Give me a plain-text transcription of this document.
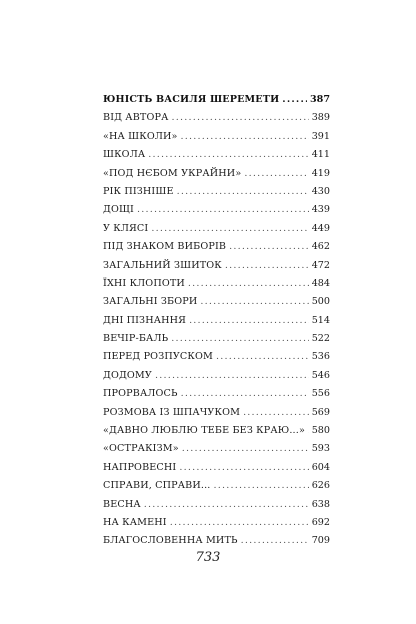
ЮНІСТЬ ВАСИЛЯ ШЕРЕМЕТИ .....	387
ВІД АВТОРА .....	389
«НА ШКОЛИ» .....	391
ШКОЛА .....	411
«ПОД НЄБОМ УКРАЙНИ» .....	419
РІК ПІЗНІШЕ .....	430
ДОЩІ .....	439
У КЛЯСІ .....	449
ПІД ЗНАКОМ ВИБОРІВ .....	462
ЗАГАЛЬНИЙ ЗШИТОК .....	472
ЇХНІ КЛОПОТИ .....	484
ЗАГАЛЬНІ ЗБОРИ .....	500
ДНІ ПІЗНАННЯ .....	514
ВЕЧІР-БАЛЬ .....	522
ПЕРЕД РОЗПУСКОМ .....	536
ДОДОМУ .....	546
ПРОРВАЛОСЬ .....	556
РОЗМОВА ІЗ ШПАЧУКОМ .....	569
«ДАВНО ЛЮБЛЮ ТЕБЕ БЕЗ КРАЮ...» ..... 580
«ОСТРАКІЗМ» .....	593
НАПРОВЕСНІ .....	604
СПРАВИ, СПРАВИ... .....	626
ВЕСНА .....	638
НА КАМЕНІ .....	692
БЛАГОСЛОВЕННА МИТЬ .....	709
733
